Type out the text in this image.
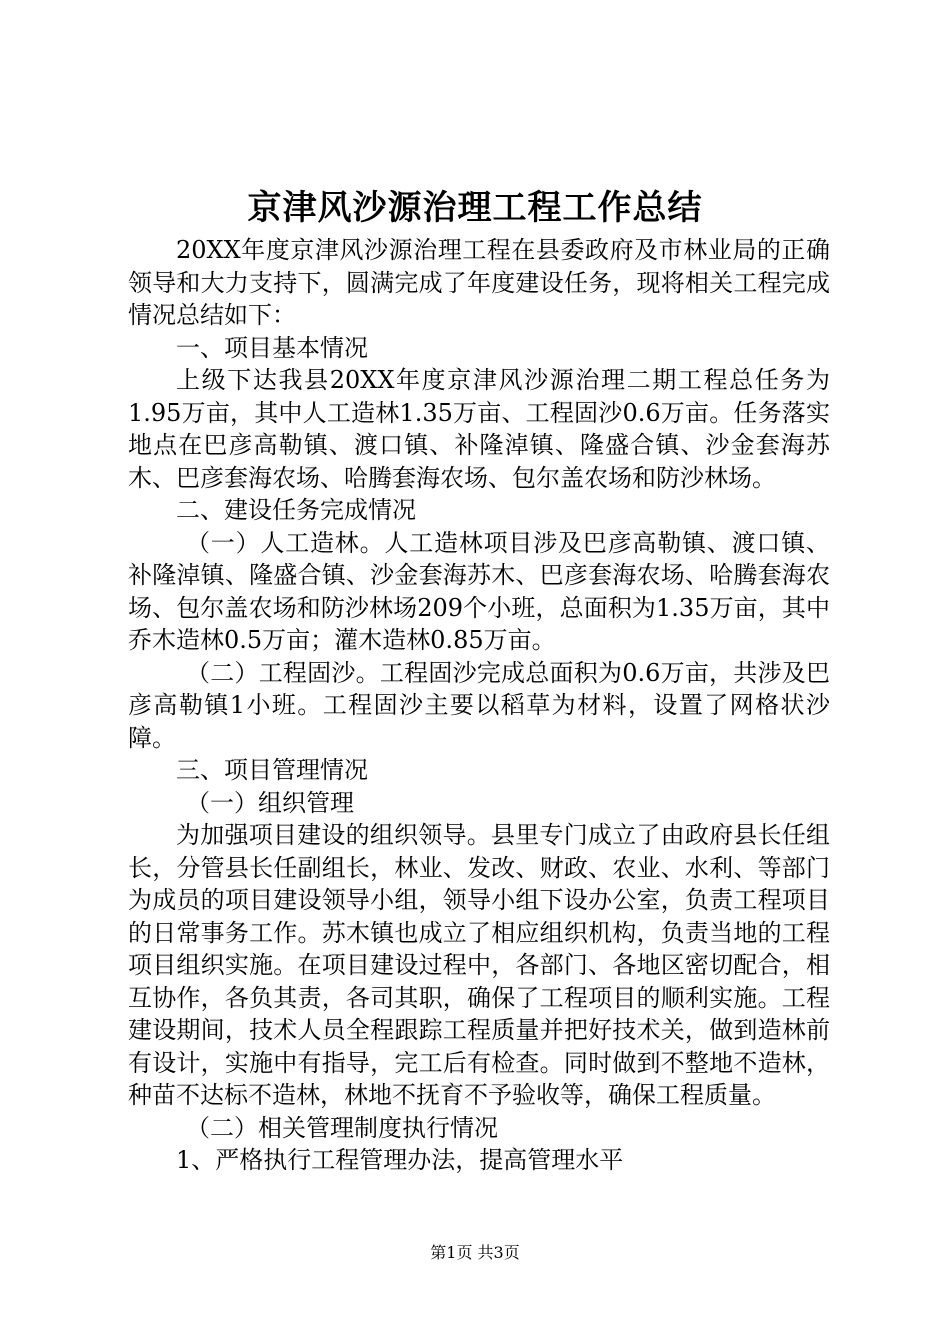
京津风沙源治理工程工作总结

20XX年度京津风沙源治理工程在县委政府及市林业局的正确领导和大力支持下，圆满完成了年度建设任务，现将相关工程完成情况总结如下：

一、项目基本情况

上级下达我县20XX年度京津风沙源治理二期工程总任务为1.95万亩，其中人工造林1.35万亩、工程固沙0.6万亩。任务落实地点在巴彦高勒镇、渡口镇、补隆淖镇、隆盛合镇、沙金套海苏木、巴彦套海农场、哈腾套海农场、包尔盖农场和防沙林场。

二、建设任务完成情况

（一）人工造林。人工造林项目涉及巴彦高勒镇、渡口镇、补隆淖镇、隆盛合镇、沙金套海苏木、巴彦套海农场、哈腾套海农场、包尔盖农场和防沙林场209个小班，总面积为1.35万亩，其中乔木造林0.5万亩；灌木造林0.85万亩。

（二）工程固沙。工程固沙完成总面积为0.6万亩，共涉及巴彦高勒镇1小班。工程固沙主要以稻草为材料，设置了网格状沙障。

三、项目管理情况

（一）组织管理

为加强项目建设的组织领导。县里专门成立了由政府县长任组长，分管县长任副组长，林业、发改、财政、农业、水利、等部门为成员的项目建设领导小组，领导小组下设办公室，负责工程项目的日常事务工作。苏木镇也成立了相应组织机构，负责当地的工程项目组织实施。在项目建设过程中，各部门、各地区密切配合，相互协作，各负其责，各司其职，确保了工程项目的顺利实施。工程建设期间，技术人员全程跟踪工程质量并把好技术关，做到造林前有设计，实施中有指导，完工后有检查。同时做到不整地不造林，种苗不达标不造林，林地不抚育不予验收等，确保工程质量。

（二）相关管理制度执行情况

1、严格执行工程管理办法，提高管理水平

第1页 共3页
